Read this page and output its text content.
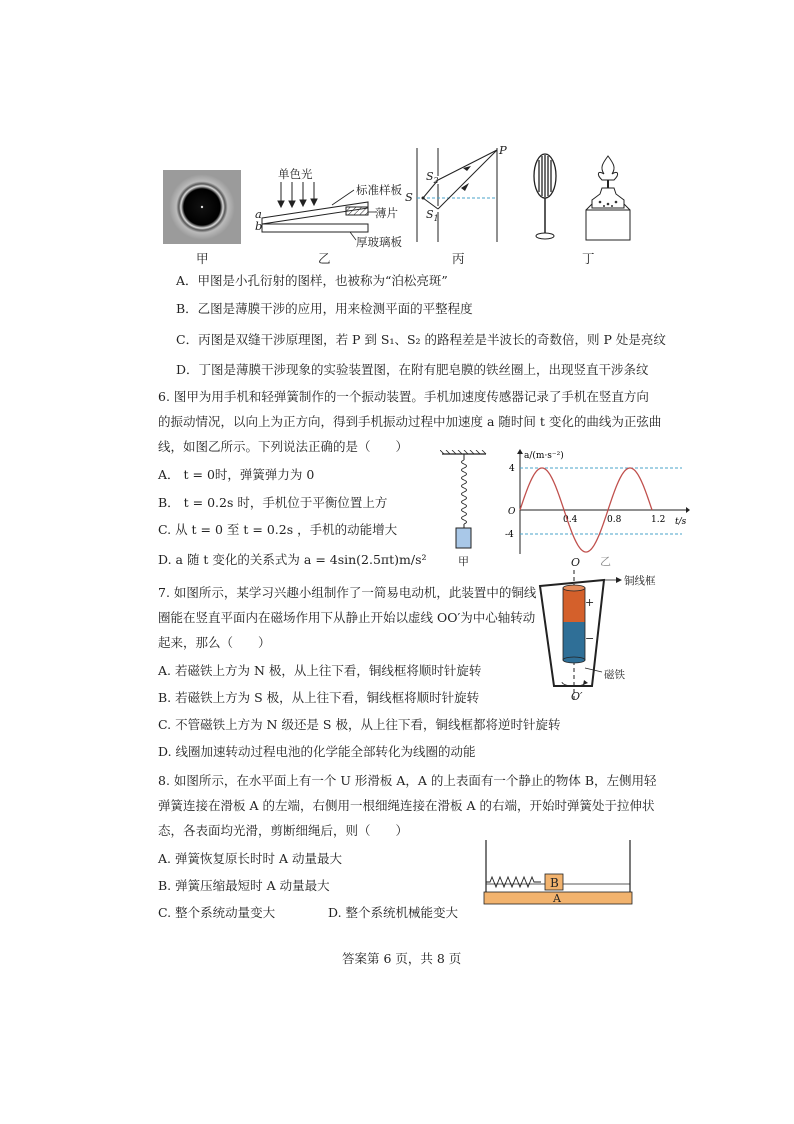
甲
单色光
标准样板
薄片
厚玻璃板
a
b
乙
P
S
$S_2$
$S_1$
丙	丁
A．甲图是小孔衍射的图样，也被称为“泊松亮斑”
B．乙图是薄膜干涉的应用，用来检测平面的平整程度
C．丙图是双缝干涉原理图，若 P 到 S₁、S₂ 的路程差是半波长的奇数倍，则 P 处是亮纹
D．丁图是薄膜干涉现象的实验装置图，在附有肥皂膜的铁丝圈上，出现竖直干涉条纹
6. 图甲为用手机和轻弹簧制作的一个振动装置。手机加速度传感器记录了手机在竖直方向
的振动情况，以向上为正方向，得到手机振动过程中加速度 a 随时间 t 变化的曲线为正弦曲
线，如图乙所示。下列说法正确的是（　　）
A． t = 0时，弹簧弹力为 0
B． t = 0.2s 时，手机位于平衡位置上方
C. 从 t = 0 至 t = 0.2s ，手机的动能增大
D. a 随 t 变化的关系式为 a = 4sin(2.5πt)m/s²	甲
a/(m·s⁻²)
t/s
O
4
-4
0.4	0.8	1.2
乙
7. 如图所示，某学习兴趣小组制作了一简易电动机，此装置中的铜线
圈能在竖直平面内在磁场作用下从静止开始以虚线 OO′为中心轴转动
起来，那么（　　）
A. 若磁铁上方为 N 极，从上往下看，铜线框将顺时针旋转
B. 若磁铁上方为 S 极，从上往下看，铜线框将顺时针旋转
C. 不管磁铁上方为 N 级还是 S 极，从上往下看，铜线框都将逆时针旋转
D. 线圈加速转动过程电池的化学能全部转化为线圈的动能
O
O′
铜线框
磁铁
+
−
8. 如图所示，在水平面上有一个 U 形滑板 A，A 的上表面有一个静止的物体 B，左侧用轻
弹簧连接在滑板 A 的左端，右侧用一根细绳连接在滑板 A 的右端，开始时弹簧处于拉伸状
态，各表面均光滑，剪断细绳后，则（　　）
A. 弹簧恢复原长时时 A 动量最大
B. 弹簧压缩最短时 A 动量最大
C. 整个系统动量变大	D. 整个系统机械能变大
B
A
答案第 6 页，共 8 页
